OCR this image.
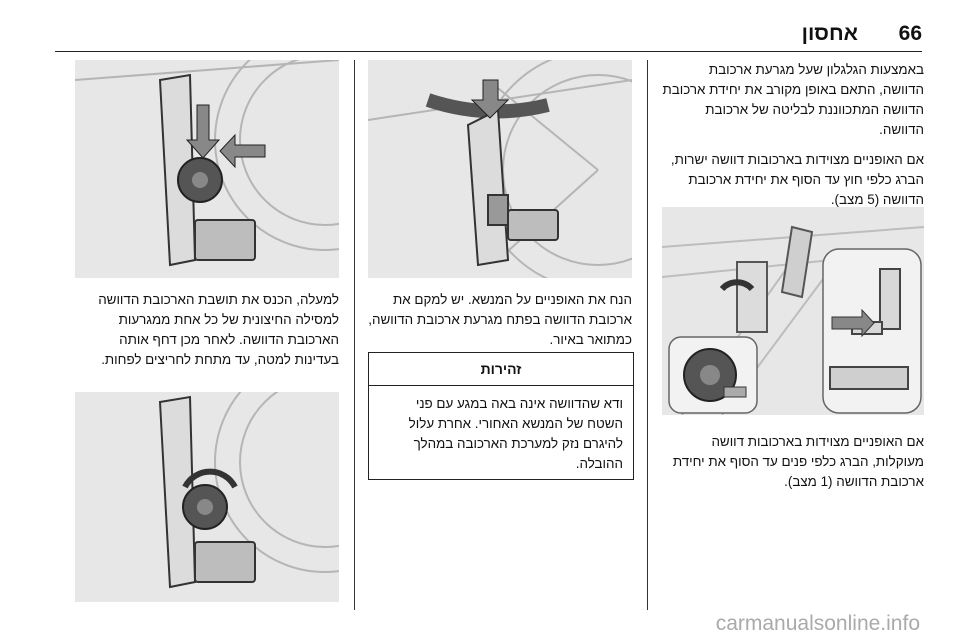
66
אחסון

באמצעות הגלגלון שעל מגרעת ארכובת הדוושה, התאם באופן מקורב את יחידת ארכובת הדוושה המתכווננת לבליטה של ארכובת הדוושה.

אם האופניים מצוידות בארכובות דוושה ישרות, הברג כלפי חוץ עד הסוף את יחידת ארכובת הדוושה (5 מצב).

אם האופניים מצוידות בארכובות דוושה מעוקלות, הברג כלפי פנים עד הסוף את יחידת ארכובת הדוושה (1 מצב).

הנח את האופניים על המנשא. יש למקם את ארכובת הדוושה בפתח מגרעת ארכובת הדוושה, כמתואר באיור.

זהירות
ודא שהדוושה אינה באה במגע עם פני השטח של המנשא האחורי. אחרת עלול להיגרם נזק למערכת הארכובה במהלך ההובלה.

למעלה, הכנס את תושבת הארכובת הדוושה למסילה החיצונית של כל אחת ממגרעות הארכובת הדוושה. לאחר מכן דחף אותה בעדינות למטה, עד מתחת לחריצים לפחות.

carmanualsonline.info
